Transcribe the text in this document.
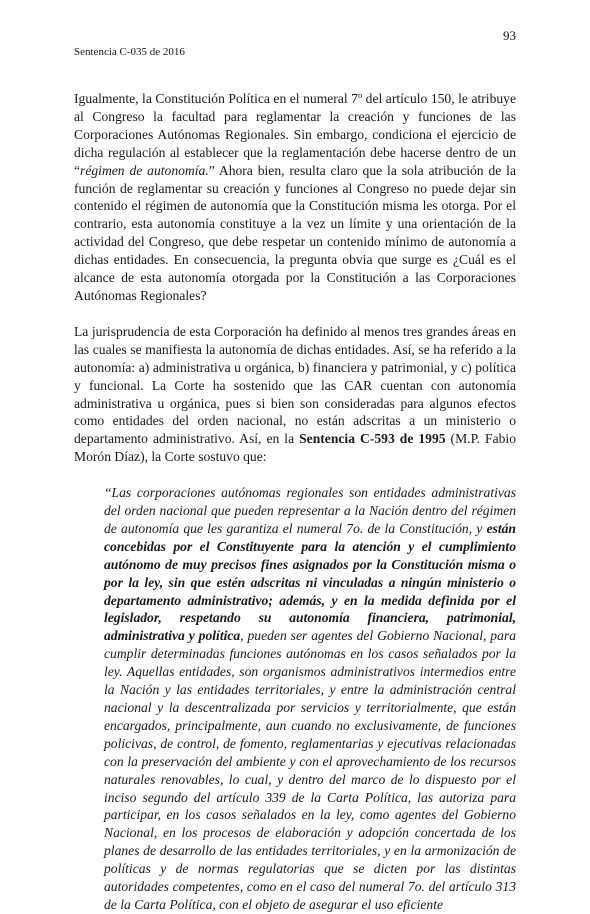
93
Sentencia C-035 de 2016

Igualmente, la Constitución Política en el numeral 7º del artículo 150, le atribuye al Congreso la facultad para reglamentar la creación y funciones de las Corporaciones Autónomas Regionales. Sin embargo, condiciona el ejercicio de dicha regulación al establecer que la reglamentación debe hacerse dentro de un “régimen de autonomía.” Ahora bien, resulta claro que la sola atribución de la función de reglamentar su creación y funciones al Congreso no puede dejar sin contenido el régimen de autonomía que la Constitución misma les otorga. Por el contrario, esta autonomía constituye a la vez un límite y una orientación de la actividad del Congreso, que debe respetar un contenido mínimo de autonomía a dichas entidades. En consecuencia, la pregunta obvia que surge es ¿Cuál es el alcance de esta autonomía otorgada por la Constitución a las Corporaciones Autónomas Regionales?

La jurisprudencia de esta Corporación ha definido al menos tres grandes áreas en las cuales se manifiesta la autonomía de dichas entidades. Así, se ha referido a la autonomía: a) administrativa u orgánica, b) financiera y patrimonial, y c) política y funcional. La Corte ha sostenido que las CAR cuentan con autonomía administrativa u orgánica, pues si bien son consideradas para algunos efectos como entidades del orden nacional, no están adscritas a un ministerio o departamento administrativo. Así, en la Sentencia C-593 de 1995 (M.P. Fabio Morón Díaz), la Corte sostuvo que:

“Las corporaciones autónomas regionales son entidades administrativas del orden nacional que pueden representar a la Nación dentro del régimen de autonomía que les garantiza el numeral 7o. de la Constitución, y están concebidas por el Constituyente para la atención y el cumplimiento autónomo de muy precisos fines asignados por la Constitución misma o por la ley, sin que estén adscritas ni vinculadas a ningún ministerio o departamento administrativo; además, y en la medida definida por el legislador, respetando su autonomía financiera, patrimonial, administrativa y política, pueden ser agentes del Gobierno Nacional, para cumplir determinadas funciones autónomas en los casos señalados por la ley. Aquellas entidades, son organismos administrativos intermedios entre la Nación y las entidades territoriales, y entre la administración central nacional y la descentralizada por servicios y territorialmente, que están encargados, principalmente, aun cuando no exclusivamente, de funciones policivas, de control, de fomento, reglamentarias y ejecutivas relacionadas con la preservación del ambiente y con el aprovechamiento de los recursos naturales renovables, lo cual, y dentro del marco de lo dispuesto por el inciso segundo del artículo 339 de la Carta Política, las autoriza para participar, en los casos señalados en la ley, como agentes del Gobierno Nacional, en los procesos de elaboración y adopción concertada de los planes de desarrollo de las entidades territoriales, y en la armonización de políticas y de normas regulatorias que se dicten por las distintas autoridades competentes, como en el caso del numeral 7o. del artículo 313 de la Carta Política, con el objeto de asegurar el uso eficiente
